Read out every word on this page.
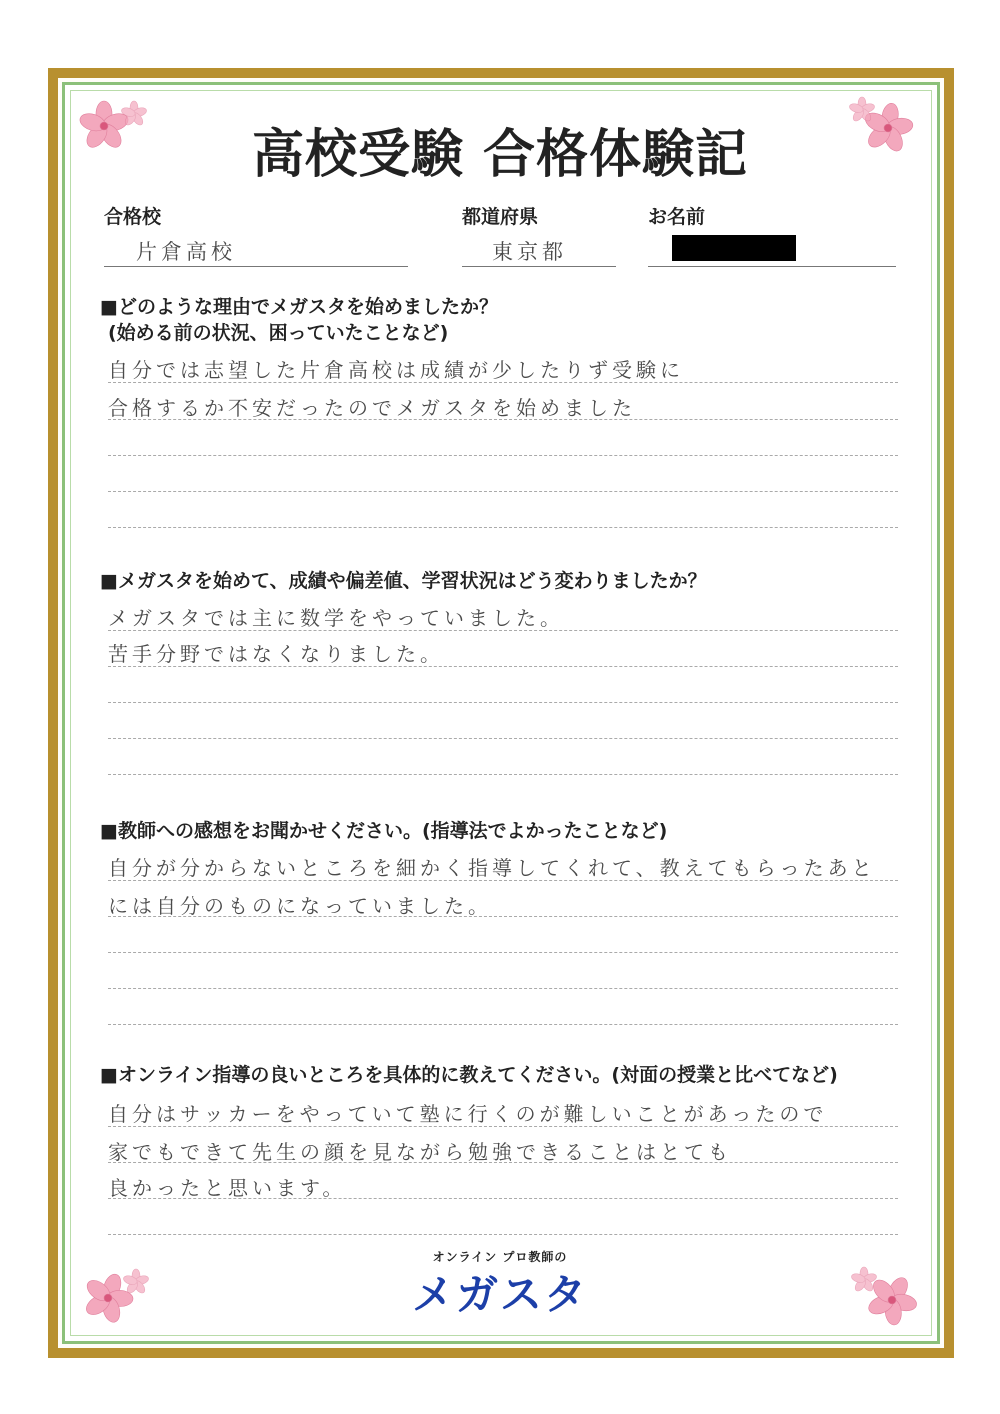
高校受験 合格体験記
合格校
片倉高校
都道府県
東京都
お名前
■どのような理由でメガスタを始めましたか？
(始める前の状況、困っていたことなど)
自分では志望した片倉高校は成績が少したりず受験に
合格するか不安だったのでメガスタを始めました
■メガスタを始めて、成績や偏差値、学習状況はどう変わりましたか？
メガスタでは主に数学をやっていました。
苦手分野ではなくなりました。
■教師への感想をお聞かせください。(指導法でよかったことなど)
自分が分からないところを細かく指導してくれて、教えてもらったあと
には自分のものになっていました。
■オンライン指導の良いところを具体的に教えてください。(対面の授業と比べてなど)
自分はサッカーをやっていて塾に行くのが難しいことがあったので
家でもできて先生の顔を見ながら勉強できることはとても
良かったと思います。
オンライン プロ教師の
メガスタ
